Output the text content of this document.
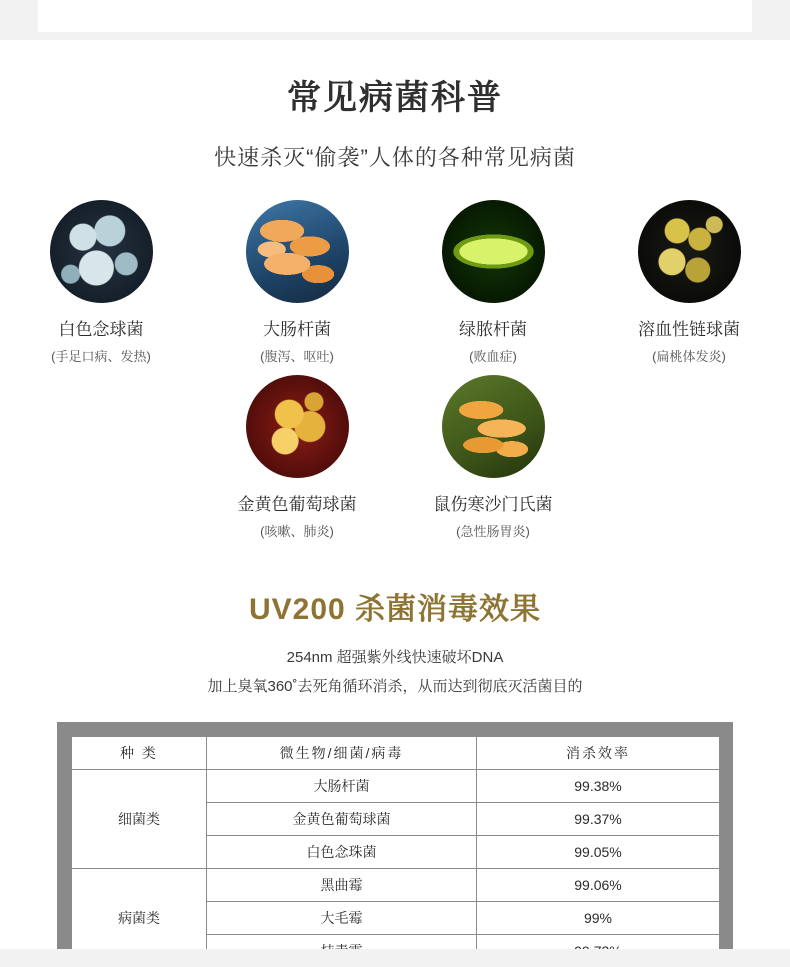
常见病菌科普
快速杀灭“偷袭”人体的各种常见病菌
白色念球菌
(手足口病、发热)
大肠杆菌
(腹泻、呕吐)
绿脓杆菌
(败血症)
溶血性链球菌
(扁桃体发炎)
金黄色葡萄球菌
(咳嗽、肺炎)
鼠伤寒沙门氏菌
(急性肠胃炎)
UV200 杀菌消毒效果
254nm 超强紫外线快速破坏DNA
加上臭氧360˚去死角循环消杀，从而达到彻底灭活菌目的
种 类	微生物/细菌/病毒	消杀效率
细菌类	大肠杆菌	99.38%
	金黄色葡萄球菌	99.37%
	白色念珠菌	99.05%
病菌类	黑曲霉	99.06%
	大毛霉	99%
